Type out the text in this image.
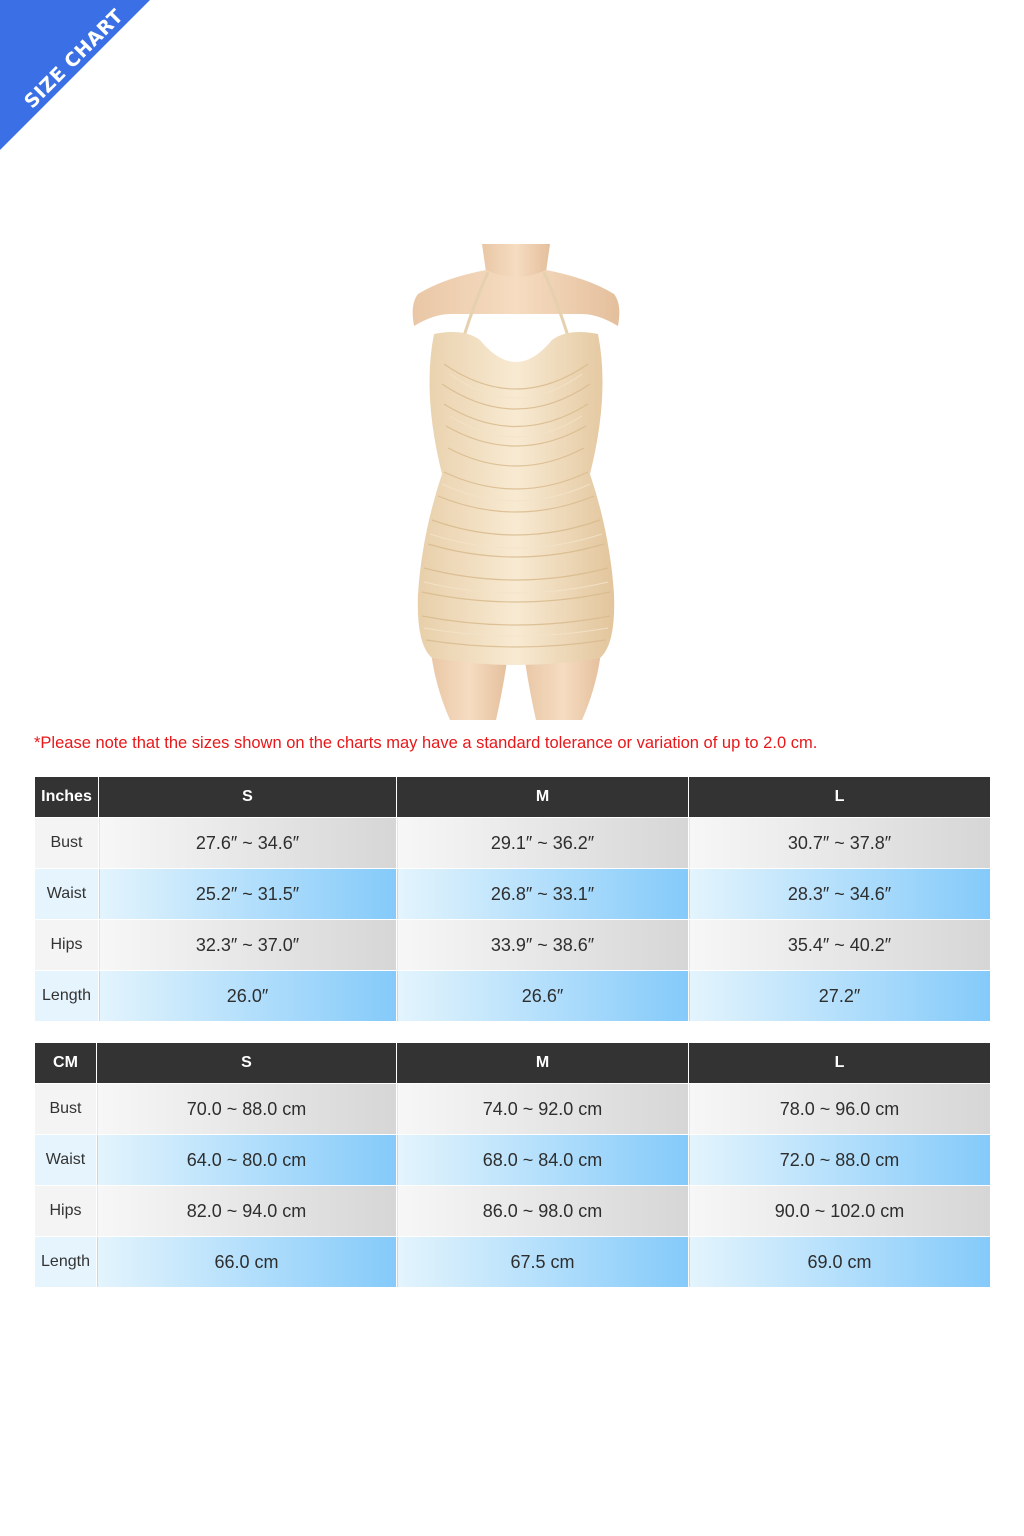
SIZE CHART
*Please note that the sizes shown on the charts may have a standard tolerance or variation of up to 2.0 cm.
Inches	S	M	L
Bust	27.6″ ~ 34.6″	29.1″ ~ 36.2″	30.7″ ~ 37.8″
Waist	25.2″ ~ 31.5″	26.8″ ~ 33.1″	28.3″ ~ 34.6″
Hips	32.3″ ~ 37.0″	33.9″ ~ 38.6″	35.4″ ~ 40.2″
Length	26.0″	26.6″	27.2″
CM	S	M	L
Bust	70.0 ~ 88.0 cm	74.0 ~ 92.0 cm	78.0 ~ 96.0 cm
Waist	64.0 ~ 80.0 cm	68.0 ~ 84.0 cm	72.0 ~ 88.0 cm
Hips	82.0 ~ 94.0 cm	86.0 ~ 98.0 cm	90.0 ~ 102.0 cm
Length	66.0 cm	67.5 cm	69.0 cm
